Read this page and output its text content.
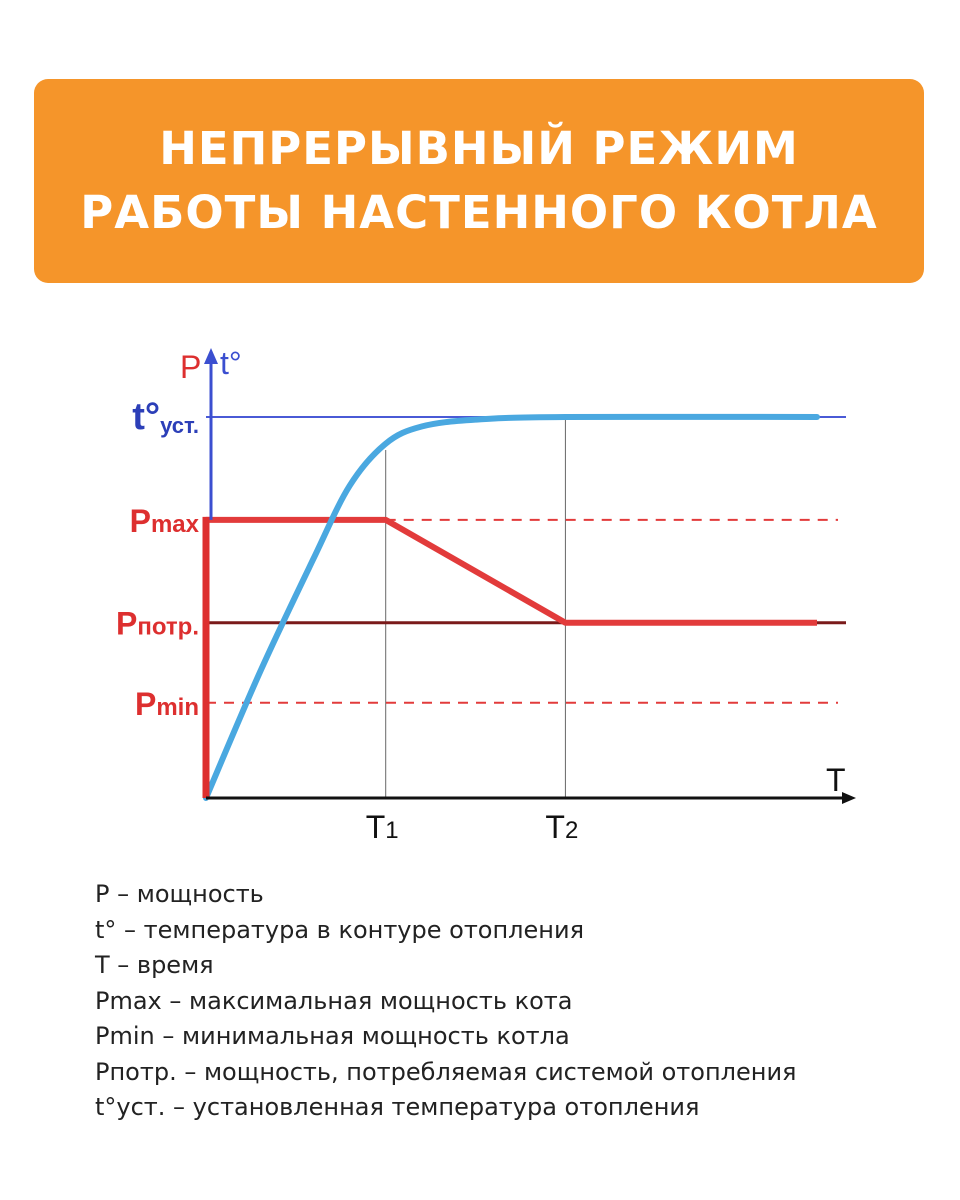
НЕПРЕРЫВНЫЙ РЕЖИМ
РАБОТЫ НАСТЕННОГО КОТЛА
P t°
T
t°уст.
Pmax
Pпотр.
Pmin
T1	T2
P – мощность
t° – температура в контуре отопления
T – время
Pmax – максимальная мощность кота
Pmin – минимальная мощность котла
Pпотр. – мощность, потребляемая системой отопления
t°уст. – установленная температура отопления
